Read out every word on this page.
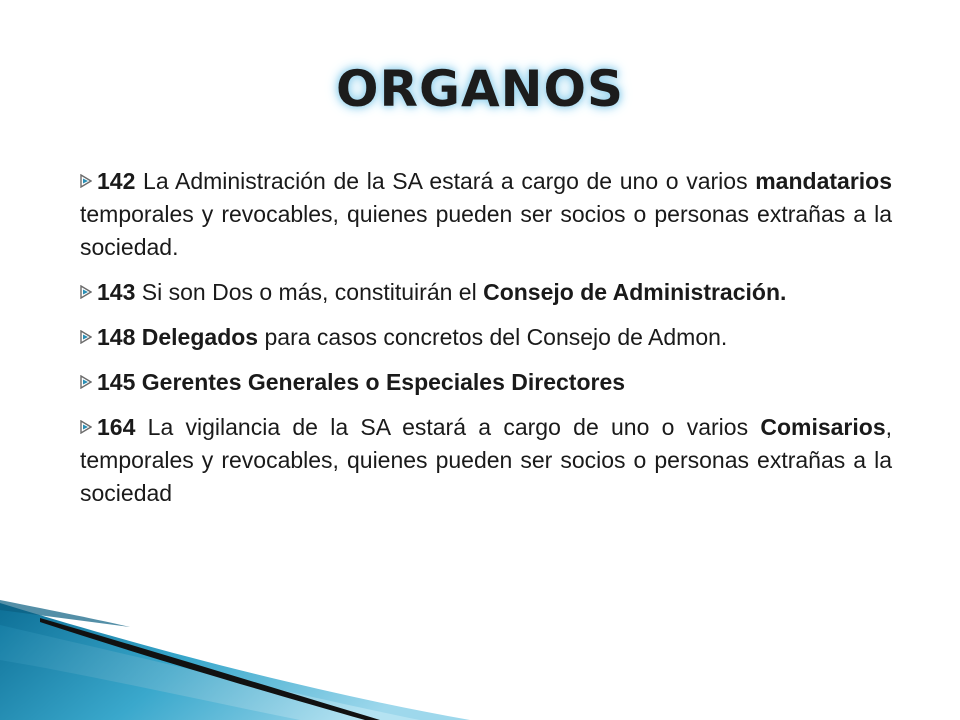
ORGANOS
142 La Administración de la SA estará a cargo de uno o varios mandatarios temporales y revocables, quienes pueden ser socios o personas extrañas a la sociedad.
143 Si son Dos o más, constituirán el Consejo de Administración.
148 Delegados para casos concretos del Consejo de Admon.
145 Gerentes Generales o Especiales Directores
164 La vigilancia de la SA estará a cargo de uno o varios Comisarios, temporales y revocables, quienes pueden ser socios o personas extrañas a la sociedad
